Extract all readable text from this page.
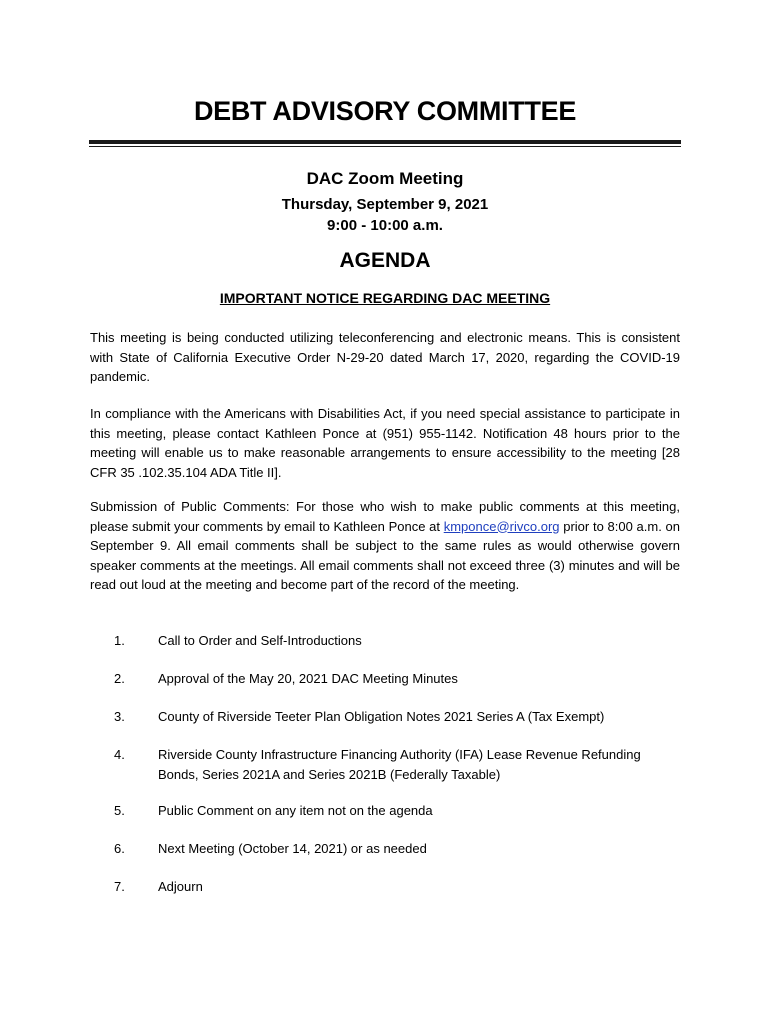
DEBT ADVISORY COMMITTEE
DAC Zoom Meeting
Thursday, September 9, 2021
9:00 - 10:00 a.m.
AGENDA
IMPORTANT NOTICE REGARDING DAC MEETING

This meeting is being conducted utilizing teleconferencing and electronic means. This is consistent with State of California Executive Order N-29-20 dated March 17, 2020, regarding the COVID-19 pandemic.

In compliance with the Americans with Disabilities Act, if you need special assistance to participate in this meeting, please contact Kathleen Ponce at (951) 955-1142. Notification 48 hours prior to the meeting will enable us to make reasonable arrangements to ensure accessibility to the meeting [28 CFR 35 .102.35.104 ADA Title II].

Submission of Public Comments: For those who wish to make public comments at this meeting, please submit your comments by email to Kathleen Ponce at kmponce@rivco.org prior to 8:00 a.m. on September 9. All email comments shall be subject to the same rules as would otherwise govern speaker comments at the meetings. All email comments shall not exceed three (3) minutes and will be read out loud at the meeting and become part of the record of the meeting.

1.	Call to Order and Self-Introductions
2.	Approval of the May 20, 2021 DAC Meeting Minutes
3.	County of Riverside Teeter Plan Obligation Notes 2021 Series A (Tax Exempt)
4.	Riverside County Infrastructure Financing Authority (IFA) Lease Revenue Refunding Bonds, Series 2021A and Series 2021B (Federally Taxable)
5.	Public Comment on any item not on the agenda
6.	Next Meeting (October 14, 2021) or as needed
7.	Adjourn
